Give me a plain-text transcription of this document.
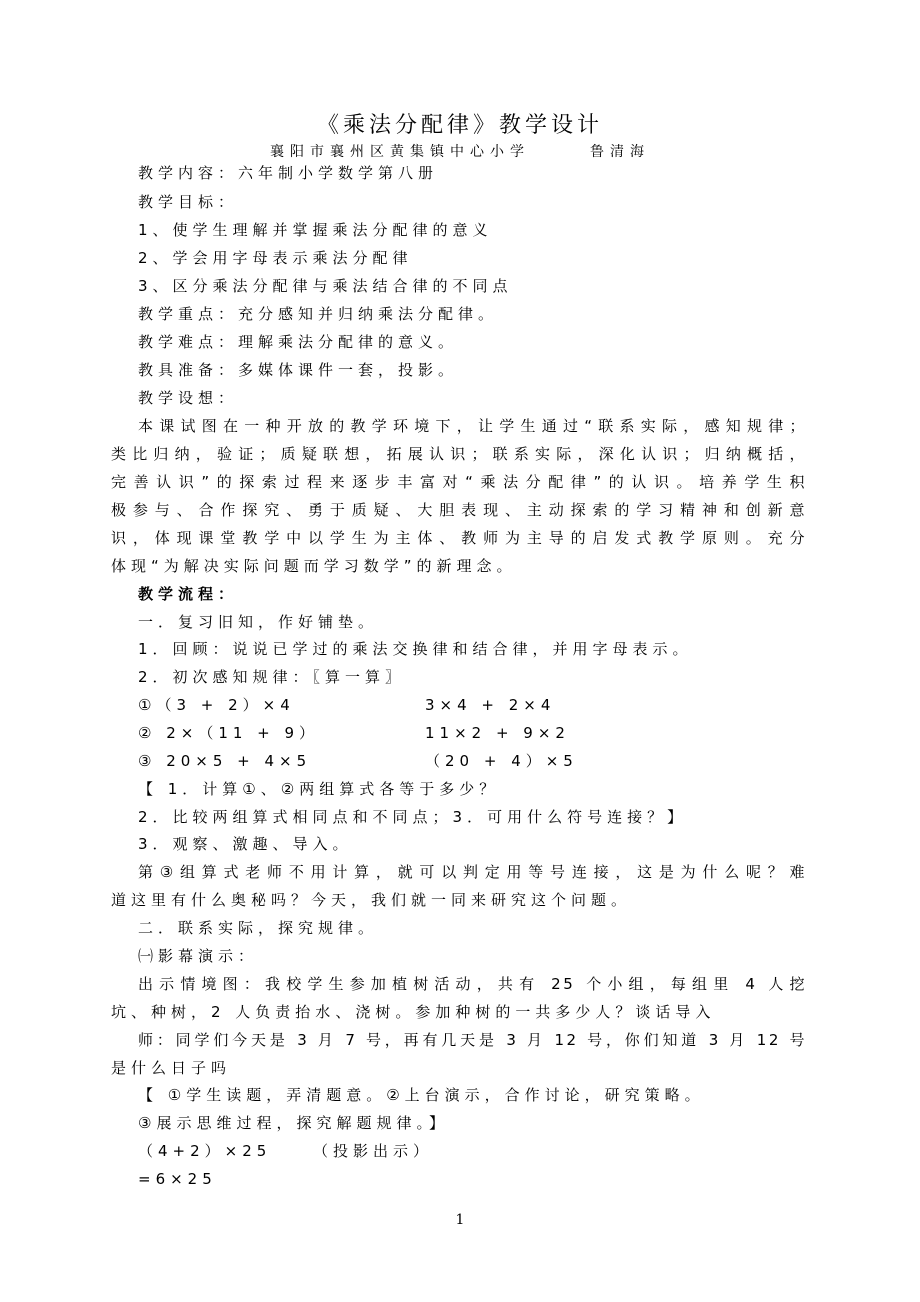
《乘法分配律》教学设计
襄阳市襄州区黄集镇中心小学	鲁清海
教学内容：六年制小学数学第八册
教学目标：
1、使学生理解并掌握乘法分配律的意义
2、学会用字母表示乘法分配律
3、区分乘法分配律与乘法结合律的不同点
教学重点：充分感知并归纳乘法分配律。
教学难点：理解乘法分配律的意义。
教具准备：多媒体课件一套，投影。
教学设想：
本课试图在一种开放的教学环境下，让学生通过“联系实际，感知规律；
类比归纳，验证；质疑联想，拓展认识；联系实际，深化认识；归纳概括，
完善认识”的探索过程来逐步丰富对“乘法分配律”的认识。培养学生积
极参与、合作探究、勇于质疑、大胆表现、主动探索的学习精神和创新意
识，体现课堂教学中以学生为主体、教师为主导的启发式教学原则。充分
体现“为解决实际问题而学习数学”的新理念。
教学流程：
一．复习旧知，作好铺垫。
1．回顾：说说已学过的乘法交换律和结合律，并用字母表示。
2．初次感知规律：〖算一算〗
①（3 + 2）×4	3×4 + 2×4
② 2×（11 + 9）	11×2 + 9×2
③ 20×5 + 4×5	（20 + 4）×5
【 1．计算①、②两组算式各等于多少？
2．比较两组算式相同点和不同点；3．可用什么符号连接？】
3．观察、激趣、导入。
第③组算式老师不用计算，就可以判定用等号连接，这是为什么呢？难
道这里有什么奥秘吗？今天，我们就一同来研究这个问题。
二．联系实际，探究规律。
㈠影幕演示：
出示情境图：我校学生参加植树活动，共有 25 个小组，每组里 4 人挖
坑、种树，2 人负责抬水、浇树。参加种树的一共多少人？谈话导入
师：同学们今天是 3 月 7 号，再有几天是 3 月 12 号，你们知道 3 月 12 号
是什么日子吗
【 ①学生读题，弄清题意。②上台演示，合作讨论，研究策略。
③展示思维过程，探究解题规律。】
（4+2）×25	（投影出示）
=6×25
1
